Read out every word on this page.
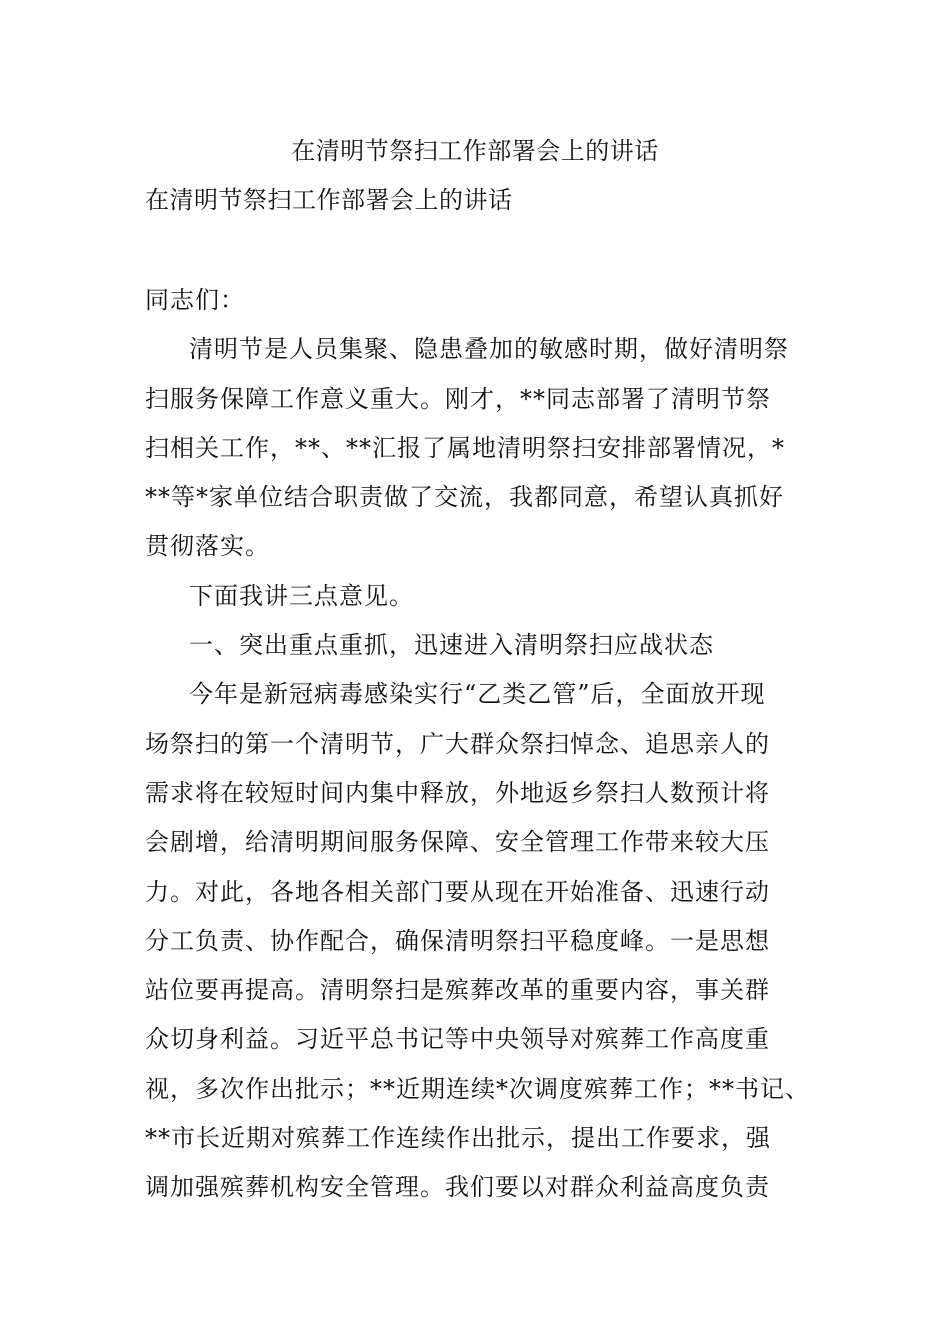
在清明节祭扫工作部署会上的讲话
在清明节祭扫工作部署会上的讲话
同志们：
清明节是人员集聚、隐患叠加的敏感时期，做好清明祭
扫服务保障工作意义重大。刚才，**同志部署了清明节祭
扫相关工作，**、**汇报了属地清明祭扫安排部署情况，*
**等*家单位结合职责做了交流，我都同意，希望认真抓好
贯彻落实。
下面我讲三点意见。
一、突出重点重抓，迅速进入清明祭扫应战状态
今年是新冠病毒感染实行“乙类乙管”后，全面放开现
场祭扫的第一个清明节，广大群众祭扫悼念、追思亲人的
需求将在较短时间内集中释放，外地返乡祭扫人数预计将
会剧增，给清明期间服务保障、安全管理工作带来较大压
力。对此，各地各相关部门要从现在开始准备、迅速行动
分工负责、协作配合，确保清明祭扫平稳度峰。一是思想
站位要再提高。清明祭扫是殡葬改革的重要内容，事关群
众切身利益。习近平总书记等中央领导对殡葬工作高度重
视，多次作出批示；**近期连续*次调度殡葬工作；**书记、
**市长近期对殡葬工作连续作出批示，提出工作要求，强
调加强殡葬机构安全管理。我们要以对群众利益高度负责
